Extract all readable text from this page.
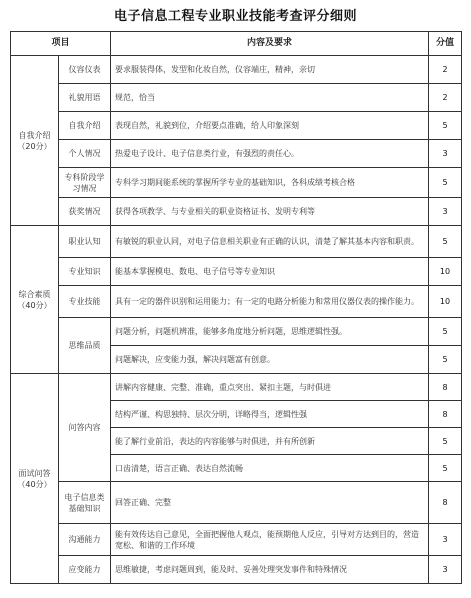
电子信息工程专业职业技能考查评分细则
项目		内容及要求	分值
自我介绍（20分）	仪容仪表	要求服装得体，发型和化妆自然，仪容端庄，精神，亲切	2
	礼貌用语	规范，恰当	2
	自我介绍	表现自然，礼貌到位，介绍要点准确，给人印象深刻	5
	个人情况	热爱电子设计、电子信息类行业，有强烈的责任心。	3
	专科阶段学习情况	专科学习期间能系统的掌握所学专业的基础知识，各科成绩考核合格	5
	获奖情况	获得各项教学、与专业相关的职业资格证书、发明专利等	3
综合素质（40分）	职业认知	有敏锐的职业认同，对电子信息相关职业有正确的认识，清楚了解其基本内容和职责。	5
	专业知识	能基本掌握模电、数电、电子信号等专业知识	10
	专业技能	具有一定的器件识别和运用能力；有一定的电路分析能力和常用仪器仪表的操作能力。	10
	思维品质	问题分析，问题机辨准，能够多角度地分析问题，思维逻辑性强。	5
		问题解决，应变能力强，解决问题富有创意。	5
面试问答（40分）	问答内容	讲解内容健康、完整、准确，重点突出、紧扣主题，与时俱进	8
		结构严谨、构思独特、层次分明，详略得当，逻辑性强	8
		能了解行业前沿，表达的内容能够与时俱进，并有所创新	5
		口齿清楚，语言正确、表达自然流畅	5
	电子信息类基础知识	回答正确、完整	8
	沟通能力	能有效传达自己意见，全面把握他人观点，能预期他人反应，引导对方达到目的，营造宽松、和谐的工作环境	3
	应变能力	思维敏捷，考虑问题周到，能及时、妥善处理突发事件和特殊情况	3
